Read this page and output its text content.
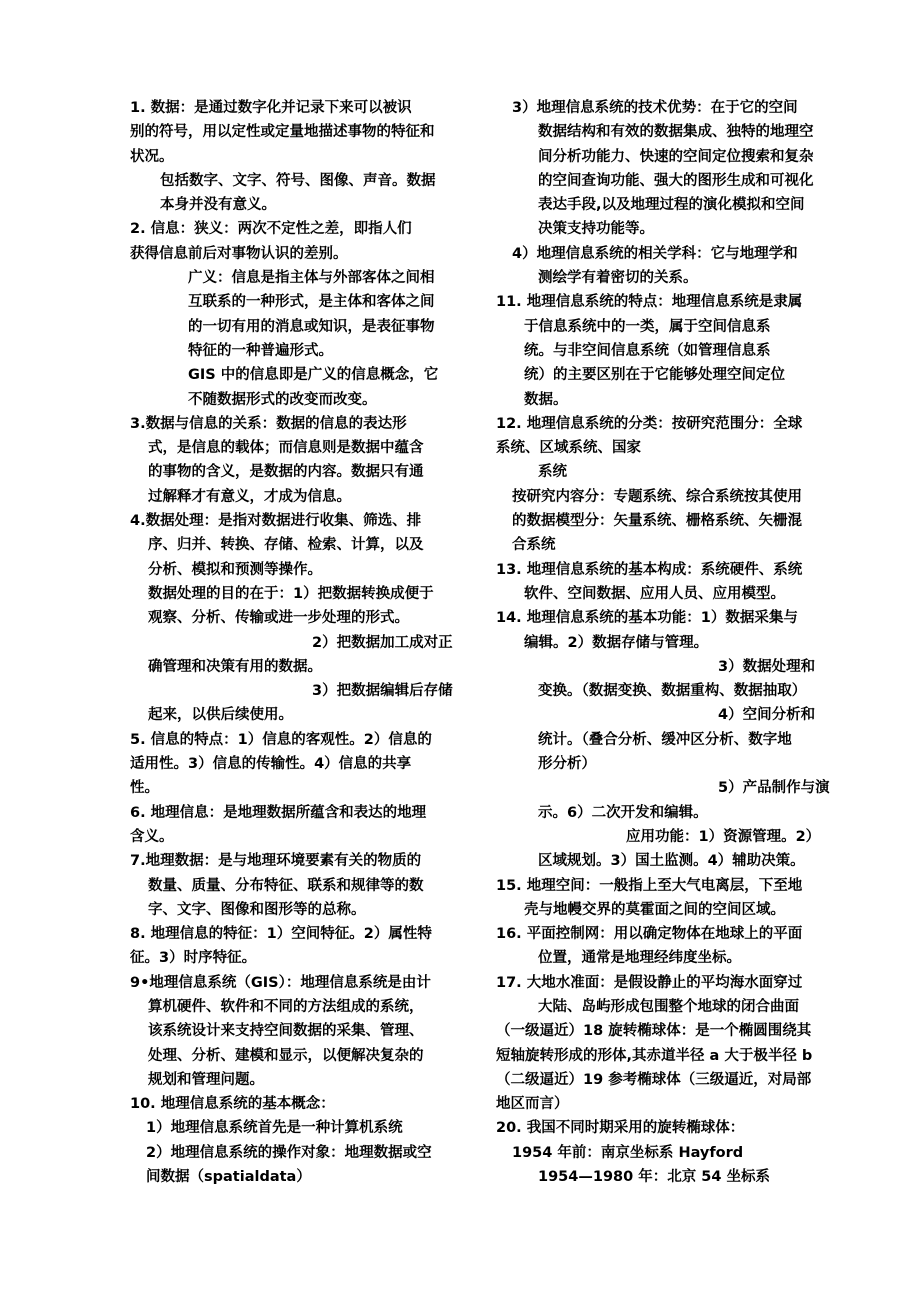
1. 数据：是通过数字化并记录下来可以被识
别的符号，用以定性或定量地描述事物的特征和
状况。
包括数字、文字、符号、图像、声音。数据
本身并没有意义。
2. 信息：狭义：两次不定性之差，即指人们
获得信息前后对事物认识的差别。
广义：信息是指主体与外部客体之间相
互联系的一种形式，是主体和客体之间
的一切有用的消息或知识，是表征事物
特征的一种普遍形式。
GIS 中的信息即是广义的信息概念，它
不随数据形式的改变而改变。
3.数据与信息的关系：数据的信息的表达形
式，是信息的载体；而信息则是数据中蕴含
的事物的含义，是数据的内容。数据只有通
过解释才有意义，才成为信息。
4.数据处理：是指对数据进行收集、筛选、排
序、归并、转换、存储、检索、计算，以及
分析、模拟和预测等操作。
数据处理的目的在于：1）把数据转换成便于
观察、分析、传输或进一步处理的形式。
2）把数据加工成对正
确管理和决策有用的数据。
3）把数据编辑后存储
起来，以供后续使用。
5. 信息的特点：1）信息的客观性。2）信息的
适用性。3）信息的传输性。4）信息的共享
性。
6. 地理信息：是地理数据所蕴含和表达的地理
含义。
7.地理数据：是与地理环境要素有关的物质的
数量、质量、分布特征、联系和规律等的数
字、文字、图像和图形等的总称。
8. 地理信息的特征：1）空间特征。2）属性特
征。3）时序特征。
9•地理信息系统（GIS）：地理信息系统是由计
算机硬件、软件和不同的方法组成的系统，
该系统设计来支持空间数据的采集、管理、
处理、分析、建模和显示，以便解决复杂的
规划和管理问题。
10. 地理信息系统的基本概念：
1）地理信息系统首先是一种计算机系统
2）地理信息系统的操作对象：地理数据或空
间数据（spatialdata）
3）地理信息系统的技术优势：在于它的空间
数据结构和有效的数据集成、独特的地理空
间分析功能力、快速的空间定位搜索和复杂
的空间查询功能、强大的图形生成和可视化
表达手段,以及地理过程的演化模拟和空间
决策支持功能等。
4）地理信息系统的相关学科：它与地理学和
测绘学有着密切的关系。
11. 地理信息系统的特点：地理信息系统是隶属
于信息系统中的一类，属于空间信息系
统。与非空间信息系统（如管理信息系
统）的主要区别在于它能够处理空间定位
数据。
12. 地理信息系统的分类：按研究范围分：全球
系统、区域系统、国家
系统
按研究内容分：专题系统、综合系统按其使用
的数据模型分：矢量系统、栅格系统、矢栅混
合系统
13. 地理信息系统的基本构成：系统硬件、系统
软件、空间数据、应用人员、应用模型。
14. 地理信息系统的基本功能：1）数据采集与
编辑。2）数据存储与管理。
3）数据处理和
变换。（数据变换、数据重构、数据抽取）
4）空间分析和
统计。（叠合分析、缓冲区分析、数字地
形分析）
5）产品制作与演
示。6）二次开发和编辑。
应用功能：1）资源管理。2）
区域规划。3）国土监测。4）辅助决策。
15. 地理空间：一般指上至大气电离层，下至地
壳与地幔交界的莫霍面之间的空间区域。
16. 平面控制网：用以确定物体在地球上的平面
位置，通常是地理经纬度坐标。
17. 大地水准面：是假设静止的平均海水面穿过
大陆、岛屿形成包围整个地球的闭合曲面
（一级逼近）18 旋转椭球体：是一个椭圆围绕其
短轴旋转形成的形体,其赤道半径 a 大于极半径 b
（二级逼近）19 参考椭球体（三级逼近，对局部
地区而言）
20. 我国不同时期采用的旋转椭球体：
1954 年前：南京坐标系 Hayford
1954—1980 年：北京 54 坐标系
